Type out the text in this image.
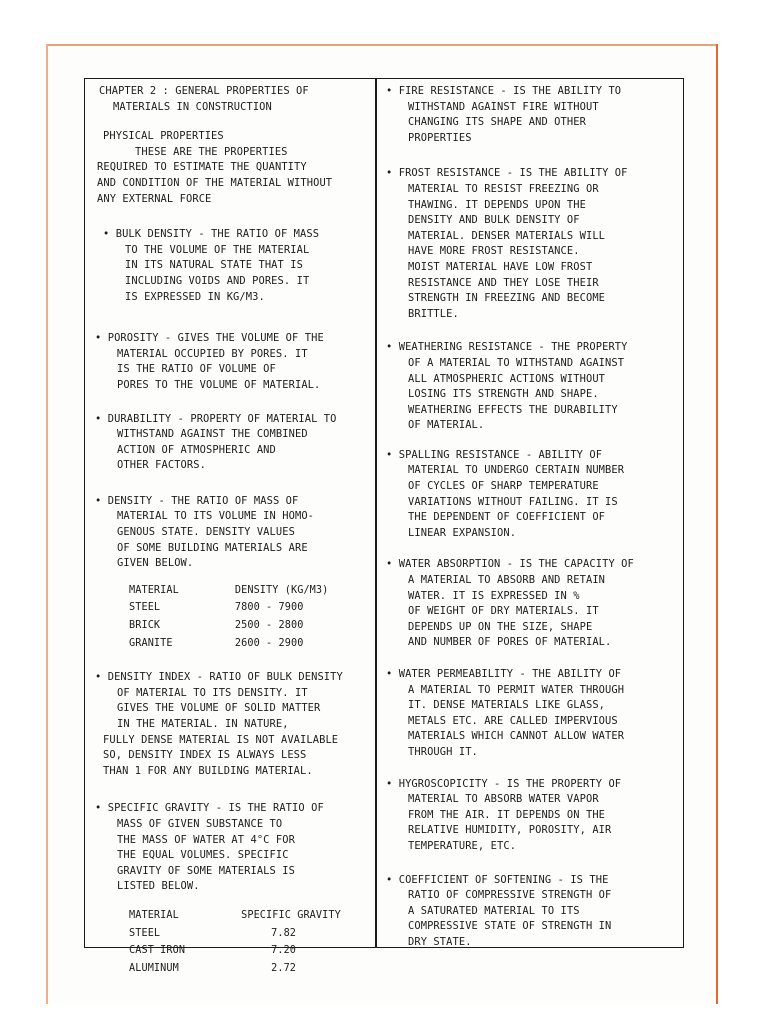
CHAPTER 2 : GENERAL PROPERTIES OF
MATERIALS IN CONSTRUCTION
PHYSICAL PROPERTIES
THESE ARE THE PROPERTIES
REQUIRED TO ESTIMATE THE QUANTITY
AND CONDITION OF THE MATERIAL WITHOUT
ANY EXTERNAL FORCE
• BULK DENSITY - THE RATIO OF MASS
TO THE VOLUME OF THE MATERIAL
IN ITS NATURAL STATE THAT IS
INCLUDING VOIDS AND PORES. IT
IS EXPRESSED IN KG/M3.
• POROSITY - GIVES THE VOLUME OF THE
MATERIAL OCCUPIED BY PORES. IT
IS THE RATIO OF VOLUME OF
PORES TO THE VOLUME OF MATERIAL.
• DURABILITY - PROPERTY OF MATERIAL TO
WITHSTAND AGAINST THE COMBINED
ACTION OF ATMOSPHERIC AND
OTHER FACTORS.
• DENSITY - THE RATIO OF MASS OF
MATERIAL TO ITS VOLUME IN HOMO-
GENOUS STATE. DENSITY VALUES
OF SOME BUILDING MATERIALS ARE
GIVEN BELOW.
MATERIAL	DENSITY (KG/M3)
STEEL	7800 - 7900
BRICK	2500 - 2800
GRANITE	2600 - 2900
• DENSITY INDEX - RATIO OF BULK DENSITY
OF MATERIAL TO ITS DENSITY. IT
GIVES THE VOLUME OF SOLID MATTER
IN THE MATERIAL. IN NATURE,
FULLY DENSE MATERIAL IS NOT AVAILABLE
SO, DENSITY INDEX IS ALWAYS LESS
THAN 1 FOR ANY BUILDING MATERIAL.
• SPECIFIC GRAVITY - IS THE RATIO OF
MASS OF GIVEN SUBSTANCE TO
THE MASS OF WATER AT 4°C FOR
THE EQUAL VOLUMES. SPECIFIC
GRAVITY OF SOME MATERIALS IS
LISTED BELOW.
MATERIAL	SPECIFIC GRAVITY
STEEL	7.82
CAST IRON	7.20
ALUMINUM	2.72
• FIRE RESISTANCE - IS THE ABILITY TO
WITHSTAND AGAINST FIRE WITHOUT
CHANGING ITS SHAPE AND OTHER
PROPERTIES
• FROST RESISTANCE - IS THE ABILITY OF
MATERIAL TO RESIST FREEZING OR
THAWING. IT DEPENDS UPON THE
DENSITY AND BULK DENSITY OF
MATERIAL. DENSER MATERIALS WILL
HAVE MORE FROST RESISTANCE.
MOIST MATERIAL HAVE LOW FROST
RESISTANCE AND THEY LOSE THEIR
STRENGTH IN FREEZING AND BECOME
BRITTLE.
• WEATHERING RESISTANCE - THE PROPERTY
OF A MATERIAL TO WITHSTAND AGAINST
ALL ATMOSPHERIC ACTIONS WITHOUT
LOSING ITS STRENGTH AND SHAPE.
WEATHERING EFFECTS THE DURABILITY
OF MATERIAL.
• SPALLING RESISTANCE - ABILITY OF
MATERIAL TO UNDERGO CERTAIN NUMBER
OF CYCLES OF SHARP TEMPERATURE
VARIATIONS WITHOUT FAILING. IT IS
THE DEPENDENT OF COEFFICIENT OF
LINEAR EXPANSION.
• WATER ABSORPTION - IS THE CAPACITY OF
A MATERIAL TO ABSORB AND RETAIN
WATER. IT IS EXPRESSED IN %
OF WEIGHT OF DRY MATERIALS. IT
DEPENDS UP ON THE SIZE, SHAPE
AND NUMBER OF PORES OF MATERIAL.
• WATER PERMEABILITY - THE ABILITY OF
A MATERIAL TO PERMIT WATER THROUGH
IT. DENSE MATERIALS LIKE GLASS,
METALS ETC. ARE CALLED IMPERVIOUS
MATERIALS WHICH CANNOT ALLOW WATER
THROUGH IT.
• HYGROSCOPICITY - IS THE PROPERTY OF
MATERIAL TO ABSORB WATER VAPOR
FROM THE AIR. IT DEPENDS ON THE
RELATIVE HUMIDITY, POROSITY, AIR
TEMPERATURE, ETC.
• COEFFICIENT OF SOFTENING - IS THE
RATIO OF COMPRESSIVE STRENGTH OF
A SATURATED MATERIAL TO ITS
COMPRESSIVE STATE OF STRENGTH IN
DRY STATE.
